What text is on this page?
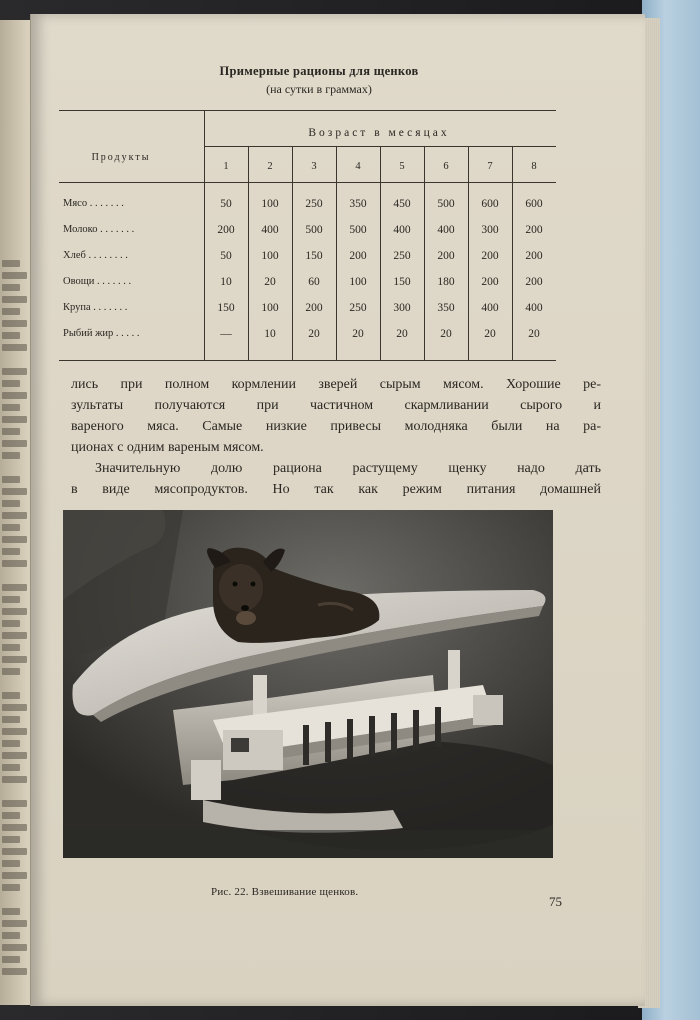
Примерные рационы для щенков
(на сутки в граммах)
Продукты
Возраст в месяцах
1	2	3	4	5	6	7	8
Мясо . . . . . . .	50	100	250	350	450	500	600	600
Молоко . . . . . . .	200	400	500	500	400	400	300	200
Хлеб . . . . . . . .	50	100	150	200	250	200	200	200
Овощи . . . . . . .	10	20	60	100	150	180	200	200
Крупа . . . . . . .	150	100	200	250	300	350	400	400
Рыбий жир . . . . .	—	10	20	20	20	20	20	20
лись при полном кормлении зверей сырым мясом. Хорошие ре-
зультаты получаются при частичном скармливании сырого и
вареного мяса. Самые низкие привесы молодняка были на ра-
ционах с одним вареным мясом.
Значительную долю рациона растущему щенку надо дать
в виде мясопродуктов. Но так как режим питания домашней
Рис. 22. Взвешивание щенков.
75
